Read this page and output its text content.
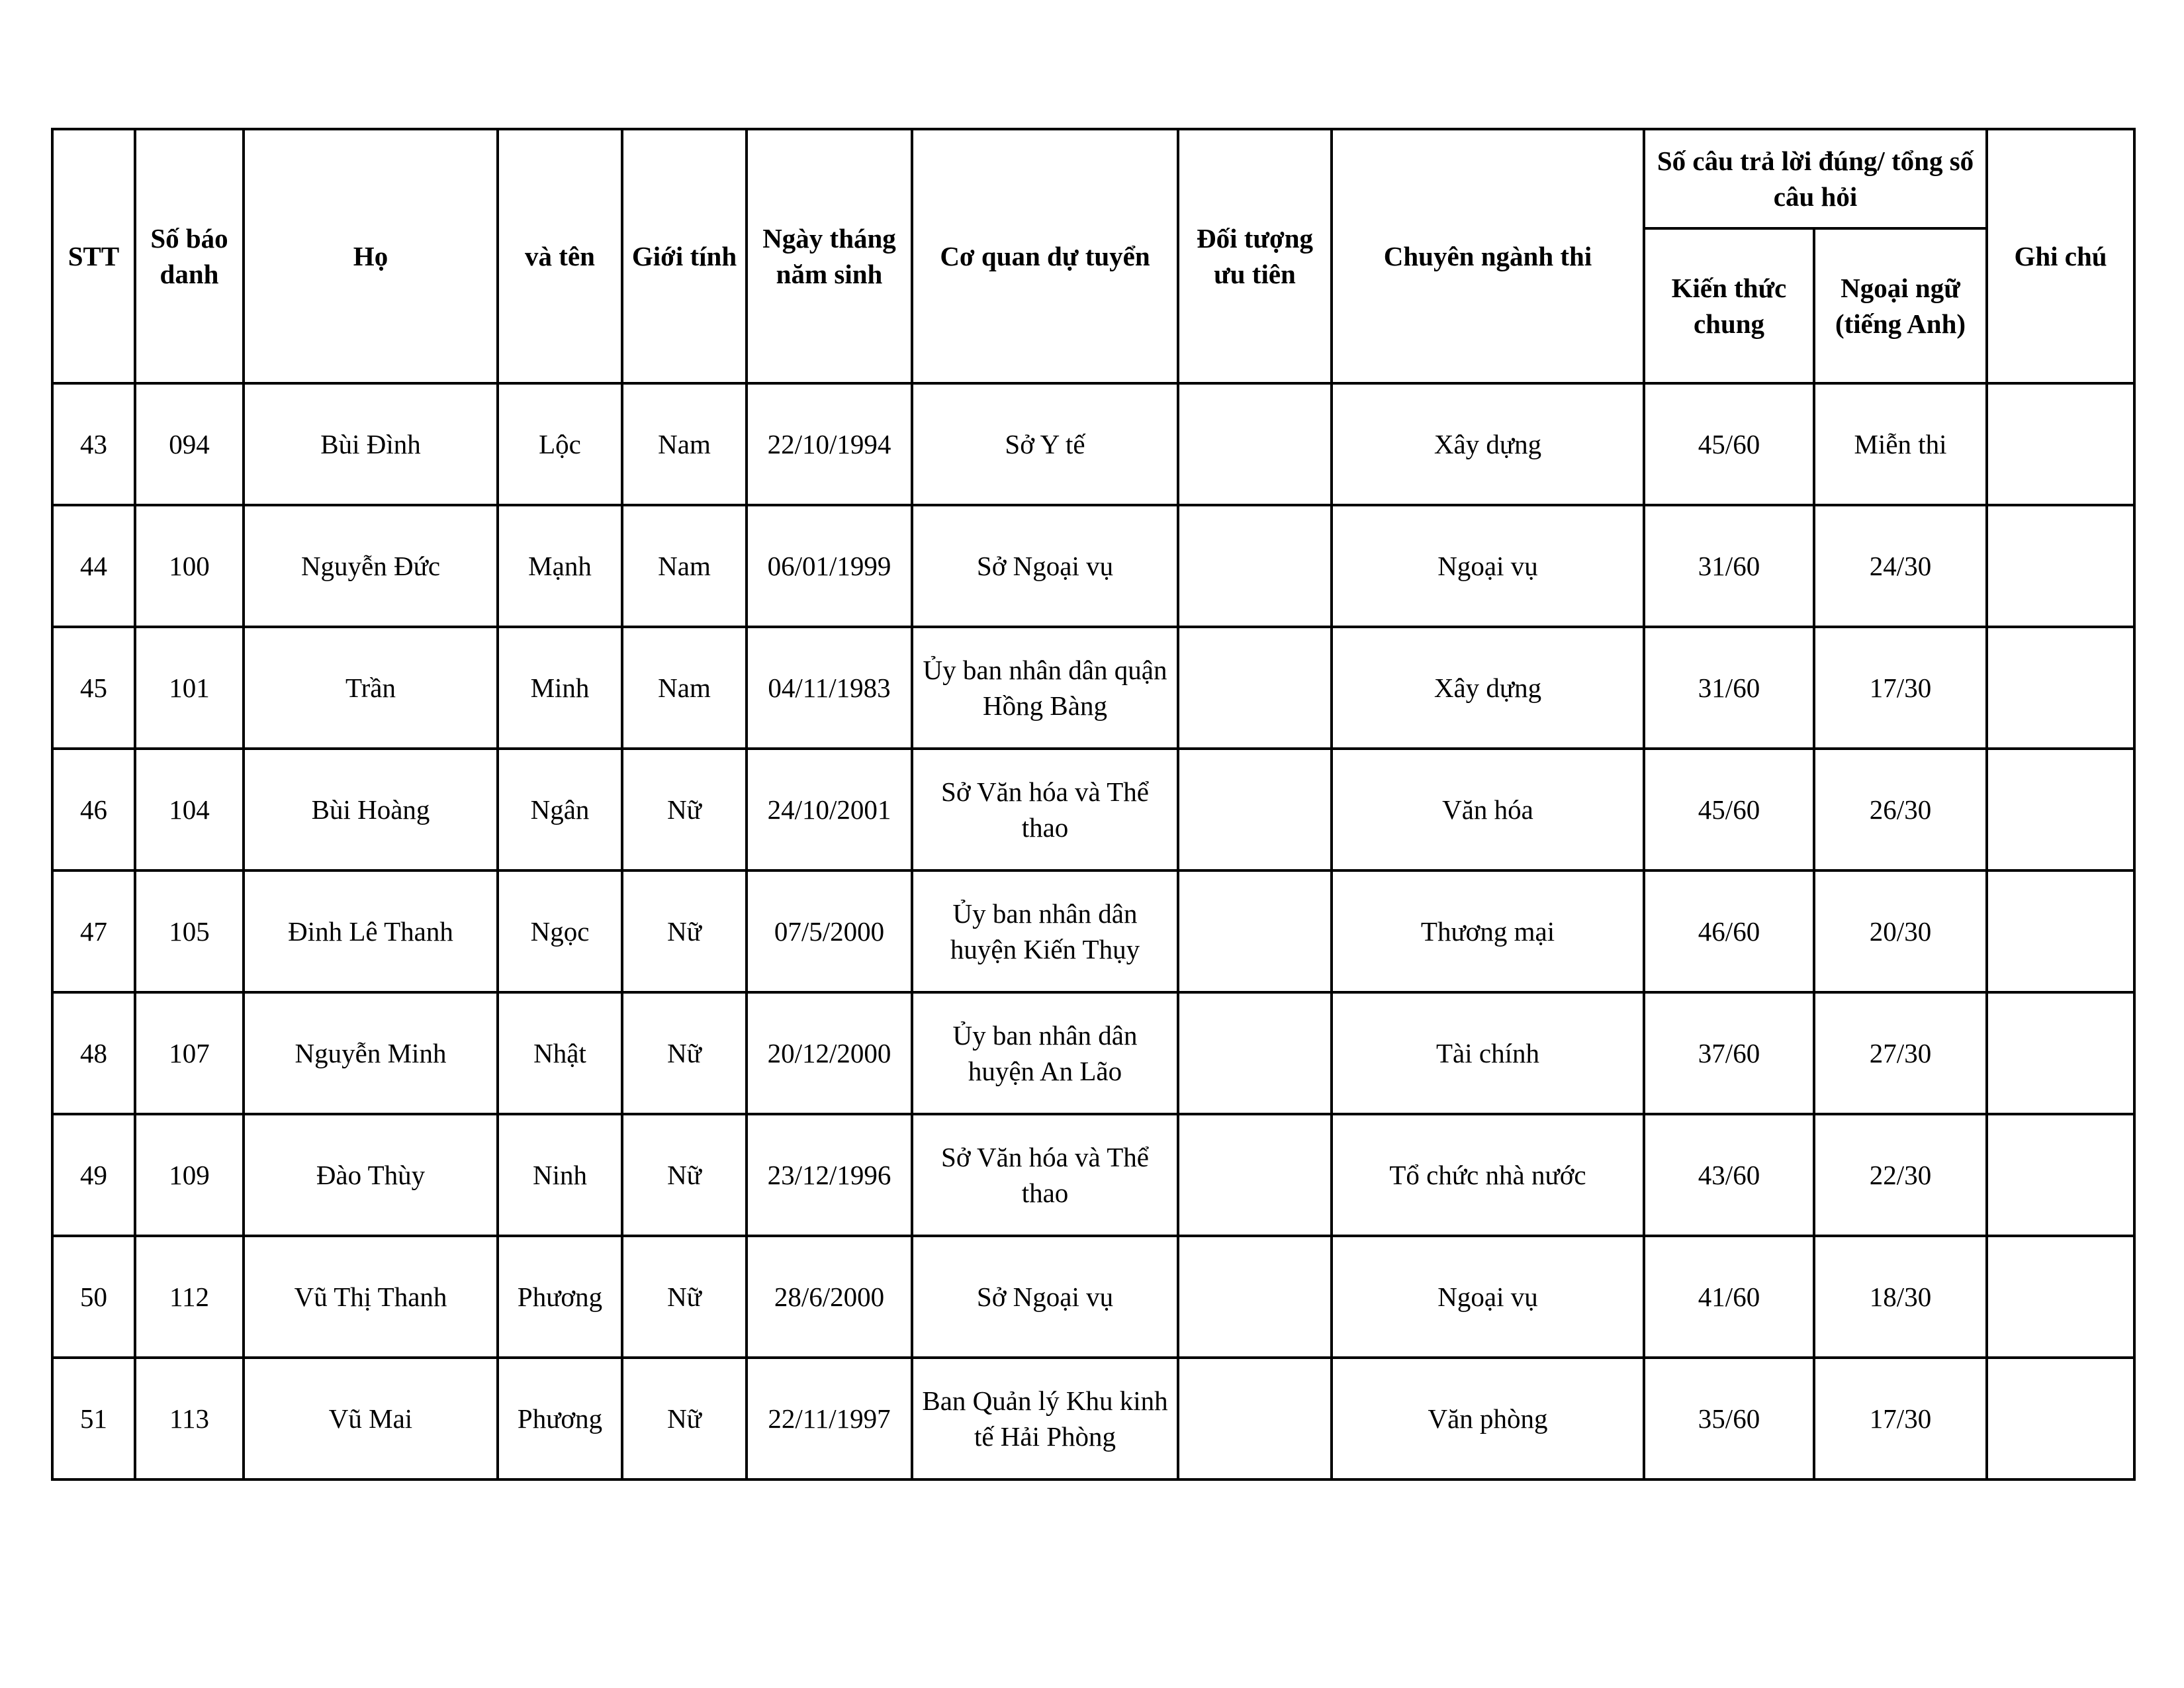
STT	Số báo danh	Họ	và tên	Giới tính	Ngày tháng năm sinh	Cơ quan dự tuyển	Đối tượng ưu tiên	Chuyên ngành thi	Số câu trả lời đúng/ tổng số câu hỏi		Ghi chú
									Kiến thức chung	Ngoại ngữ (tiếng Anh)	
43	094	Bùi Đình	Lộc	Nam	22/10/1994	Sở Y tế		Xây dựng	45/60	Miễn thi	
44	100	Nguyễn Đức	Mạnh	Nam	06/01/1999	Sở Ngoại vụ		Ngoại vụ	31/60	24/30	
45	101	Trần	Minh	Nam	04/11/1983	Ủy ban nhân dân quận Hồng Bàng		Xây dựng	31/60	17/30	
46	104	Bùi Hoàng	Ngân	Nữ	24/10/2001	Sở Văn hóa và Thể thao		Văn hóa	45/60	26/30	
47	105	Đinh Lê Thanh	Ngọc	Nữ	07/5/2000	Ủy ban nhân dân huyện Kiến Thụy		Thương mại	46/60	20/30	
48	107	Nguyễn Minh	Nhật	Nữ	20/12/2000	Ủy ban nhân dân huyện An Lão		Tài chính	37/60	27/30	
49	109	Đào Thùy	Ninh	Nữ	23/12/1996	Sở Văn hóa và Thể thao		Tổ chức nhà nước	43/60	22/30	
50	112	Vũ Thị Thanh	Phương	Nữ	28/6/2000	Sở Ngoại vụ		Ngoại vụ	41/60	18/30	
51	113	Vũ Mai	Phương	Nữ	22/11/1997	Ban Quản lý Khu kinh tế Hải Phòng		Văn phòng	35/60	17/30	
